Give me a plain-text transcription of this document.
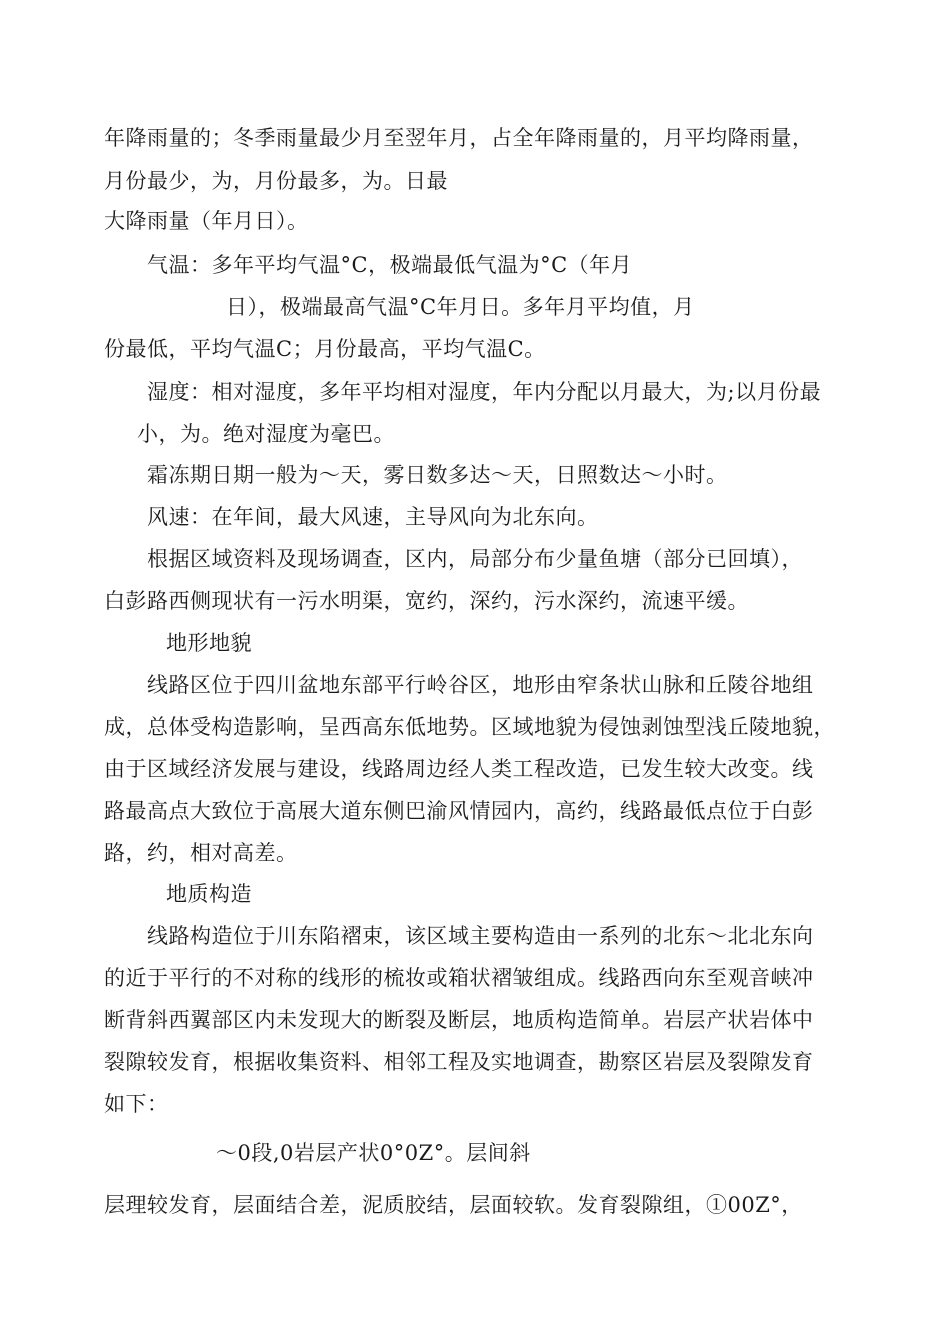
年降雨量的；冬季雨量最少月至翌年月，占全年降雨量的，月平均降雨量，
月份最少，为，月份最多，为。日最
大降雨量（年月日）。
气温：多年平均气温°C，极端最低气温为°C（年月
日），极端最高气温°C年月日。多年月平均值，月
份最低，平均气温C；月份最高，平均气温C。
湿度：相对湿度，多年平均相对湿度，年内分配以月最大，为;以月份最
小，为。绝对湿度为毫巴。
霜冻期日期一般为〜天，雾日数多达〜天，日照数达〜小时。
风速：在年间，最大风速，主导风向为北东向。
根据区域资料及现场调查，区内，局部分布少量鱼塘（部分已回填），
白彭路西侧现状有一污水明渠，宽约，深约，污水深约，流速平缓。
地形地貌
线路区位于四川盆地东部平行岭谷区，地形由窄条状山脉和丘陵谷地组
成，总体受构造影响，呈西高东低地势。区域地貌为侵蚀剥蚀型浅丘陵地貌，
由于区域经济发展与建设，线路周边经人类工程改造，已发生较大改变。线
路最高点大致位于高展大道东侧巴渝风情园内，高约，线路最低点位于白彭
路，约，相对高差。
地质构造
线路构造位于川东陷褶束，该区域主要构造由一系列的北东〜北北东向
的近于平行的不对称的线形的梳妆或箱状褶皱组成。线路西向东至观音峡冲
断背斜西翼部区内未发现大的断裂及断层，地质构造简单。岩层产状岩体中
裂隙较发育，根据收集资料、相邻工程及实地调查，勘察区岩层及裂隙发育
如下：
〜0段,0岩层产状0°0Z°。层间斜
层理较发育，层面结合差，泥质胶结，层面较软。发育裂隙组，①00Z°，
